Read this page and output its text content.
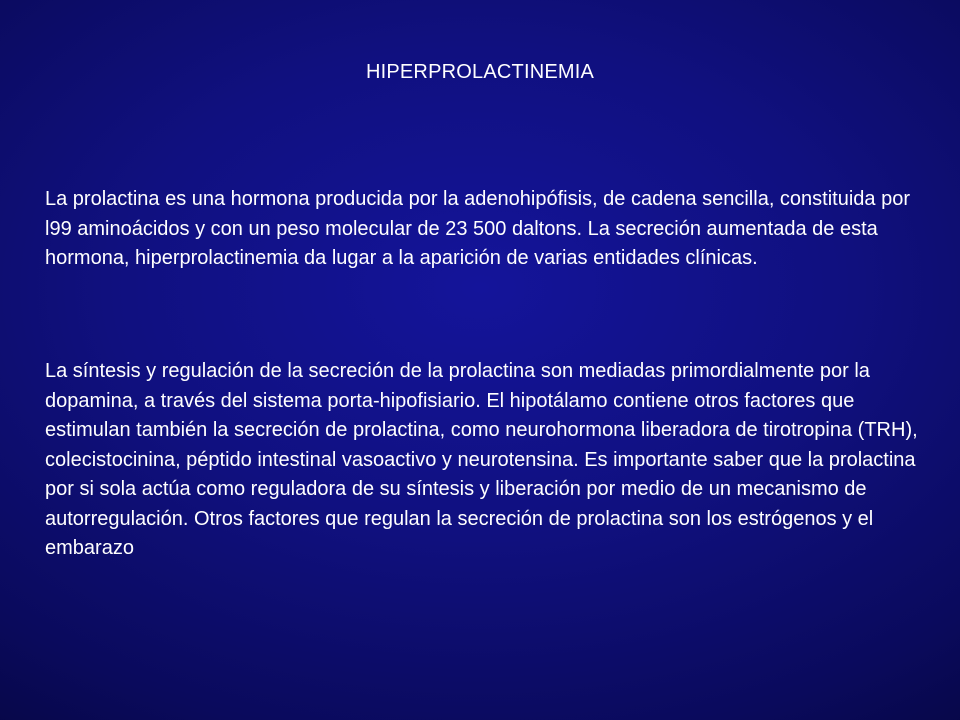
HIPERPROLACTINEMIA

La prolactina es una hormona producida por la adenohipófisis, de cadena sencilla, constituida por l99 aminoácidos y con un peso molecular de 23 500 daltons. La secreción aumentada de esta hormona, hiperprolactinemia da lugar a la aparición de varias entidades clínicas.

La síntesis y regulación de la secreción de la prolactina son mediadas primordialmente por la dopamina, a través del sistema porta-hipofisiario. El hipotálamo contiene otros factores que estimulan también la secreción de prolactina, como neurohormona liberadora de tirotropina (TRH), colecistocinina, péptido intestinal vasoactivo y neurotensina. Es importante saber que la prolactina por si sola actúa como reguladora de su síntesis y liberación por medio de un mecanismo de autorregulación. Otros factores que regulan la secreción de prolactina son los estrógenos y el embarazo
